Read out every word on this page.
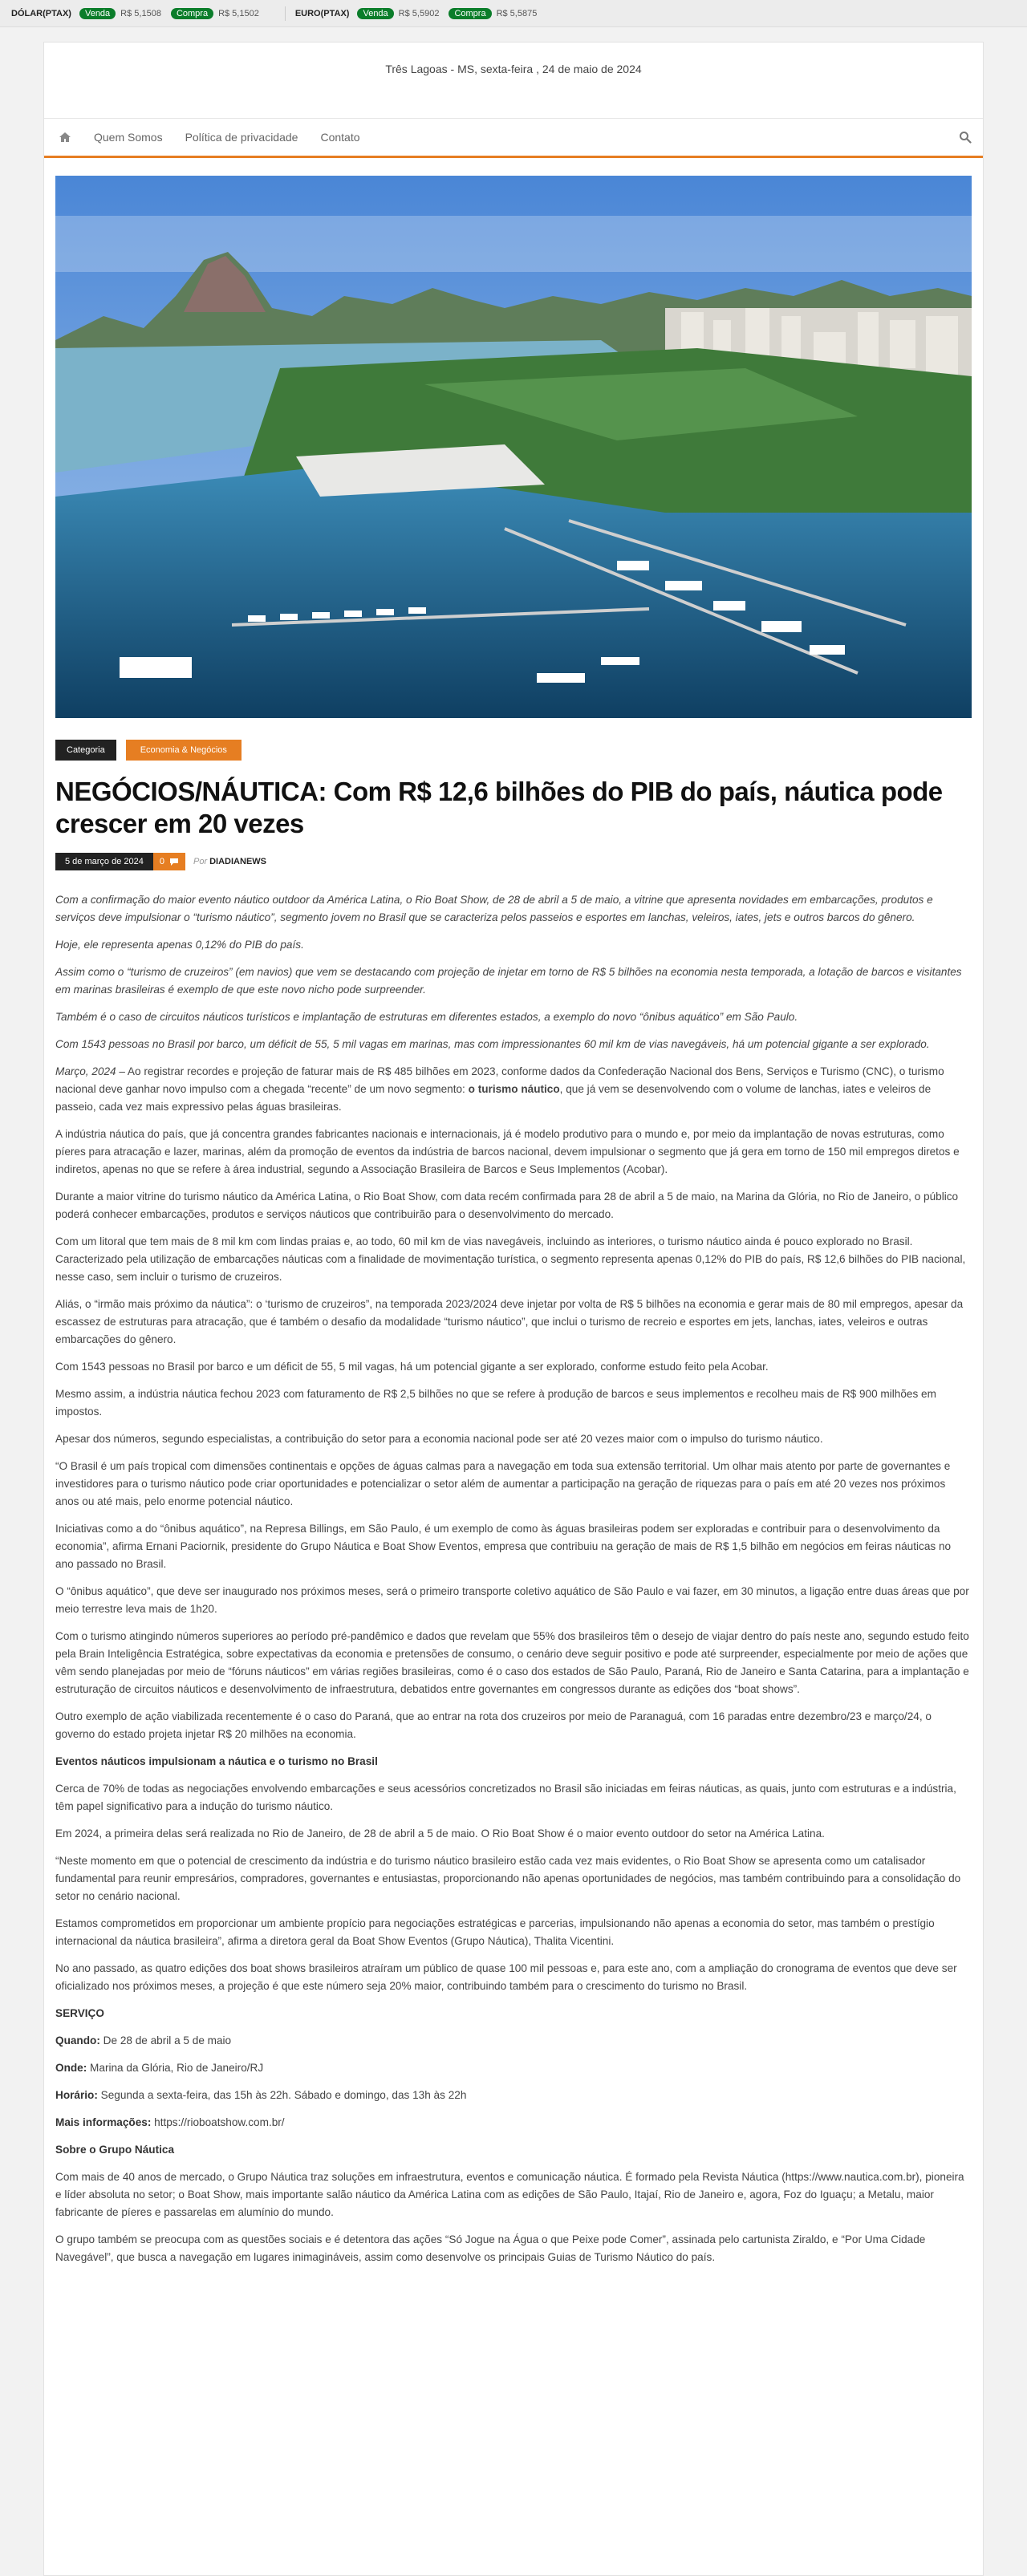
DÓLAR(PTAX)	Venda	R$ 5,1508	Compra	R$ 5,1502	EURO(PTAX)	Venda	R$ 5,5902	Compra	R$ 5,5875
Três Lagoas - MS, sexta-feira , 24 de maio de 2024
Quem Somos Política de privacidade Contato
Categoria	Economia & Negócios
NEGÓCIOS/NÁUTICA: Com R$ 12,6 bilhões do PIB do país, náutica pode crescer em 20 vezes
5 de março de 2024	0	Por DIADIANEWS

Com a confirmação do maior evento náutico outdoor da América Latina, o Rio Boat Show, de 28 de abril a 5 de maio, a vitrine que apresenta novidades em embarcações, produtos e serviços deve impulsionar o “turismo náutico”, segmento jovem no Brasil que se caracteriza pelos passeios e esportes em lanchas, veleiros, iates, jets e outros barcos do gênero.

Hoje, ele representa apenas 0,12% do PIB do país.

Assim como o “turismo de cruzeiros” (em navios) que vem se destacando com projeção de injetar em torno de R$ 5 bilhões na economia nesta temporada, a lotação de barcos e visitantes em marinas brasileiras é exemplo de que este novo nicho pode surpreender.

Também é o caso de circuitos náuticos turísticos e implantação de estruturas em diferentes estados, a exemplo do novo “ônibus aquático” em São Paulo.

Com 1543 pessoas no Brasil por barco, um déficit de 55, 5 mil vagas em marinas, mas com impressionantes 60 mil km de vias navegáveis, há um potencial gigante a ser explorado.

Março, 2024 – Ao registrar recordes e projeção de faturar mais de R$ 485 bilhões em 2023, conforme dados da Confederação Nacional dos Bens, Serviços e Turismo (CNC), o turismo nacional deve ganhar novo impulso com a chegada “recente” de um novo segmento: o turismo náutico, que já vem se desenvolvendo com o volume de lanchas, iates e veleiros de passeio, cada vez mais expressivo pelas águas brasileiras.

A indústria náutica do país, que já concentra grandes fabricantes nacionais e internacionais, já é modelo produtivo para o mundo e, por meio da implantação de novas estruturas, como píeres para atracação e lazer, marinas, além da promoção de eventos da indústria de barcos nacional, devem impulsionar o segmento que já gera em torno de 150 mil empregos diretos e indiretos, apenas no que se refere à área industrial, segundo a Associação Brasileira de Barcos e Seus Implementos (Acobar).

Durante a maior vitrine do turismo náutico da América Latina, o Rio Boat Show, com data recém confirmada para 28 de abril a 5 de maio, na Marina da Glória, no Rio de Janeiro, o público poderá conhecer embarcações, produtos e serviços náuticos que contribuirão para o desenvolvimento do mercado.

Com um litoral que tem mais de 8 mil km com lindas praias e, ao todo, 60 mil km de vias navegáveis, incluindo as interiores, o turismo náutico ainda é pouco explorado no Brasil. Caracterizado pela utilização de embarcações náuticas com a finalidade de movimentação turística, o segmento representa apenas 0,12% do PIB do país, R$ 12,6 bilhões do PIB nacional, nesse caso, sem incluir o turismo de cruzeiros.

Aliás, o “irmão mais próximo da náutica”: o ‘turismo de cruzeiros”, na temporada 2023/2024 deve injetar por volta de R$ 5 bilhões na economia e gerar mais de 80 mil empregos, apesar da escassez de estruturas para atracação, que é também o desafio da modalidade “turismo náutico”, que inclui o turismo de recreio e esportes em jets, lanchas, iates, veleiros e outras embarcações do gênero.

Com 1543 pessoas no Brasil por barco e um déficit de 55, 5 mil vagas, há um potencial gigante a ser explorado, conforme estudo feito pela Acobar.

Mesmo assim, a indústria náutica fechou 2023 com faturamento de R$ 2,5 bilhões no que se refere à produção de barcos e seus implementos e recolheu mais de R$ 900 milhões em impostos.

Apesar dos números, segundo especialistas, a contribuição do setor para a economia nacional pode ser até 20 vezes maior com o impulso do turismo náutico.

“O Brasil é um país tropical com dimensões continentais e opções de águas calmas para a navegação em toda sua extensão territorial. Um olhar mais atento por parte de governantes e investidores para o turismo náutico pode criar oportunidades e potencializar o setor além de aumentar a participação na geração de riquezas para o país em até 20 vezes nos próximos anos ou até mais, pelo enorme potencial náutico.

Iniciativas como a do “ônibus aquático”, na Represa Billings, em São Paulo, é um exemplo de como às águas brasileiras podem ser exploradas e contribuir para o desenvolvimento da economia”, afirma Ernani Paciornik, presidente do Grupo Náutica e Boat Show Eventos, empresa que contribuiu na geração de mais de R$ 1,5 bilhão em negócios em feiras náuticas no ano passado no Brasil.

O “ônibus aquático”, que deve ser inaugurado nos próximos meses, será o primeiro transporte coletivo aquático de São Paulo e vai fazer, em 30 minutos, a ligação entre duas áreas que por meio terrestre leva mais de 1h20.

Com o turismo atingindo números superiores ao período pré-pandêmico e dados que revelam que 55% dos brasileiros têm o desejo de viajar dentro do país neste ano, segundo estudo feito pela Brain Inteligência Estratégica, sobre expectativas da economia e pretensões de consumo, o cenário deve seguir positivo e pode até surpreender, especialmente por meio de ações que vêm sendo planejadas por meio de “fóruns náuticos” em várias regiões brasileiras, como é o caso dos estados de São Paulo, Paraná, Rio de Janeiro e Santa Catarina, para a implantação e estruturação de circuitos náuticos e desenvolvimento de infraestrutura, debatidos entre governantes em congressos durante as edições dos “boat shows”.

Outro exemplo de ação viabilizada recentemente é o caso do Paraná, que ao entrar na rota dos cruzeiros por meio de Paranaguá, com 16 paradas entre dezembro/23 e março/24, o governo do estado projeta injetar R$ 20 milhões na economia.

Eventos náuticos impulsionam a náutica e o turismo no Brasil

Cerca de 70% de todas as negociações envolvendo embarcações e seus acessórios concretizados no Brasil são iniciadas em feiras náuticas, as quais, junto com estruturas e a indústria, têm papel significativo para a indução do turismo náutico.

Em 2024, a primeira delas será realizada no Rio de Janeiro, de 28 de abril a 5 de maio. O Rio Boat Show é o maior evento outdoor do setor na América Latina.

“Neste momento em que o potencial de crescimento da indústria e do turismo náutico brasileiro estão cada vez mais evidentes, o Rio Boat Show se apresenta como um catalisador fundamental para reunir empresários, compradores, governantes e entusiastas, proporcionando não apenas oportunidades de negócios, mas também contribuindo para a consolidação do setor no cenário nacional.

Estamos comprometidos em proporcionar um ambiente propício para negociações estratégicas e parcerias, impulsionando não apenas a economia do setor, mas também o prestígio internacional da náutica brasileira”, afirma a diretora geral da Boat Show Eventos (Grupo Náutica), Thalita Vicentini.

No ano passado, as quatro edições dos boat shows brasileiros atraíram um público de quase 100 mil pessoas e, para este ano, com a ampliação do cronograma de eventos que deve ser oficializado nos próximos meses, a projeção é que este número seja 20% maior, contribuindo também para o crescimento do turismo no Brasil.

SERVIÇO

Quando: De 28 de abril a 5 de maio

Onde: Marina da Glória, Rio de Janeiro/RJ

Horário: Segunda a sexta-feira, das 15h às 22h. Sábado e domingo, das 13h às 22h

Mais informações: https://rioboatshow.com.br/

Sobre o Grupo Náutica

Com mais de 40 anos de mercado, o Grupo Náutica traz soluções em infraestrutura, eventos e comunicação náutica. É formado pela Revista Náutica (https://www.nautica.com.br), pioneira e líder absoluta no setor; o Boat Show, mais importante salão náutico da América Latina com as edições de São Paulo, Itajaí, Rio de Janeiro e, agora, Foz do Iguaçu; a Metalu, maior fabricante de píeres e passarelas em alumínio do mundo.

O grupo também se preocupa com as questões sociais e é detentora das ações “Só Jogue na Água o que Peixe pode Comer”, assinada pelo cartunista Ziraldo, e “Por Uma Cidade Navegável”, que busca a navegação em lugares inimagináveis, assim como desenvolve os principais Guias de Turismo Náutico do país.
